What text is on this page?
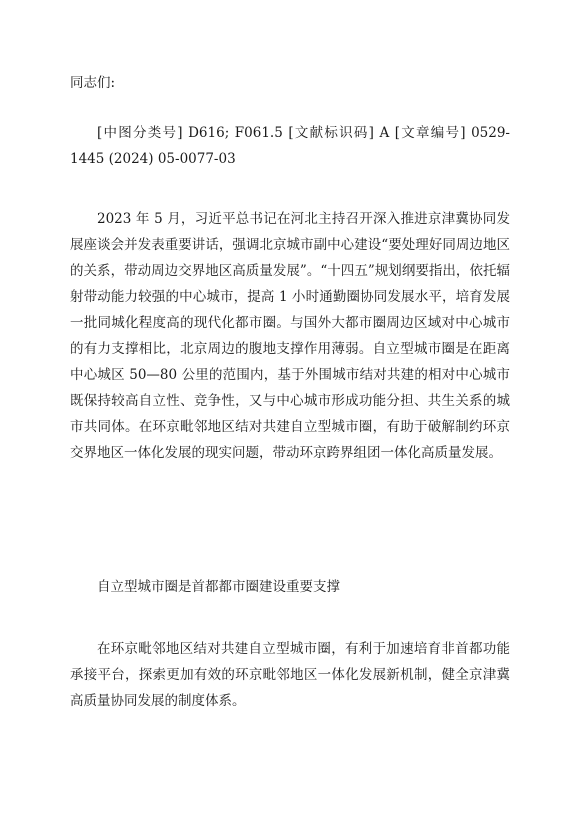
同志们:

[中图分类号] D616; F061.5 [文献标识码] A [文章编号] 0529-1445 (2024) 05-0077-03

2023 年 5 月，习近平总书记在河北主持召开深入推进京津冀协同发展座谈会并发表重要讲话，强调北京城市副中心建设“要处理好同周边地区的关系，带动周边交界地区高质量发展”。“十四五”规划纲要指出，依托辐射带动能力较强的中心城市，提高 1 小时通勤圈协同发展水平，培育发展一批同城化程度高的现代化都市圈。与国外大都市圈周边区域对中心城市的有力支撑相比，北京周边的腹地支撑作用薄弱。自立型城市圈是在距离中心城区 50—80 公里的范围内，基于外围城市结对共建的相对中心城市既保持较高自立性、竞争性，又与中心城市形成功能分担、共生关系的城市共同体。在环京毗邻地区结对共建自立型城市圈，有助于破解制约环京交界地区一体化发展的现实问题，带动环京跨界组团一体化高质量发展。

自立型城市圈是首都都市圈建设重要支撑

在环京毗邻地区结对共建自立型城市圈，有利于加速培育非首都功能承接平台，探索更加有效的环京毗邻地区一体化发展新机制，健全京津冀高质量协同发展的制度体系。
